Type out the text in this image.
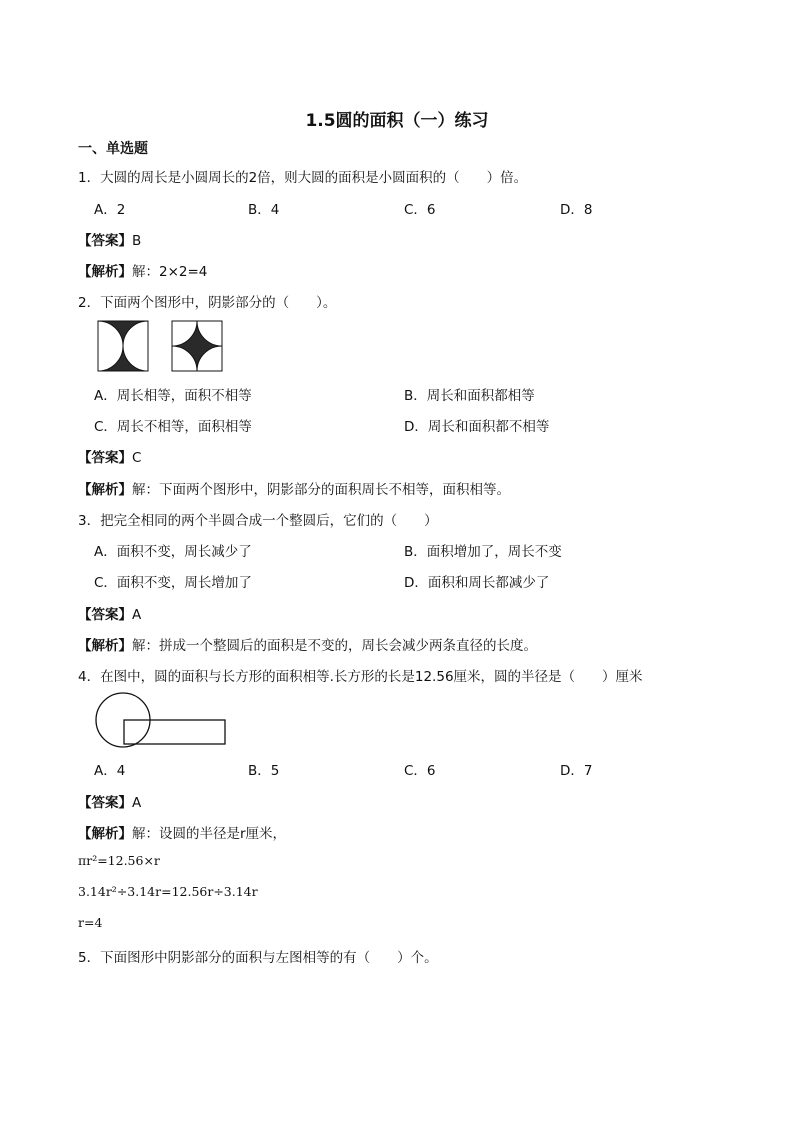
1.5圆的面积（一）练习
一、单选题
1．大圆的周长是小圆周长的2倍，则大圆的面积是小圆面积的（　　）倍。
A．2	B．4	C．6	D．8
【答案】B
【解析】解：2×2=4
2．下面两个图形中，阴影部分的（　　）。
A．周长相等，面积不相等	B．周长和面积都相等
C．周长不相等，面积相等	D．周长和面积都不相等
【答案】C
【解析】解：下面两个图形中，阴影部分的面积周长不相等，面积相等。
3．把完全相同的两个半圆合成一个整圆后，它们的（　　）
A．面积不变，周长减少了	B．面积增加了，周长不变
C．面积不变，周长增加了	D．面积和周长都减少了
【答案】A
【解析】解：拼成一个整圆后的面积是不变的，周长会减少两条直径的长度。
4．在图中，圆的面积与长方形的面积相等.长方形的长是12.56厘米，圆的半径是（　　）厘米
A．4	B．5	C．6	D．7
【答案】A
【解析】解：设圆的半径是r厘米，
πr²=12.56×r
3.14r²÷3.14r=12.56r÷3.14r
r=4
5．下面图形中阴影部分的面积与左图相等的有（　　）个。
